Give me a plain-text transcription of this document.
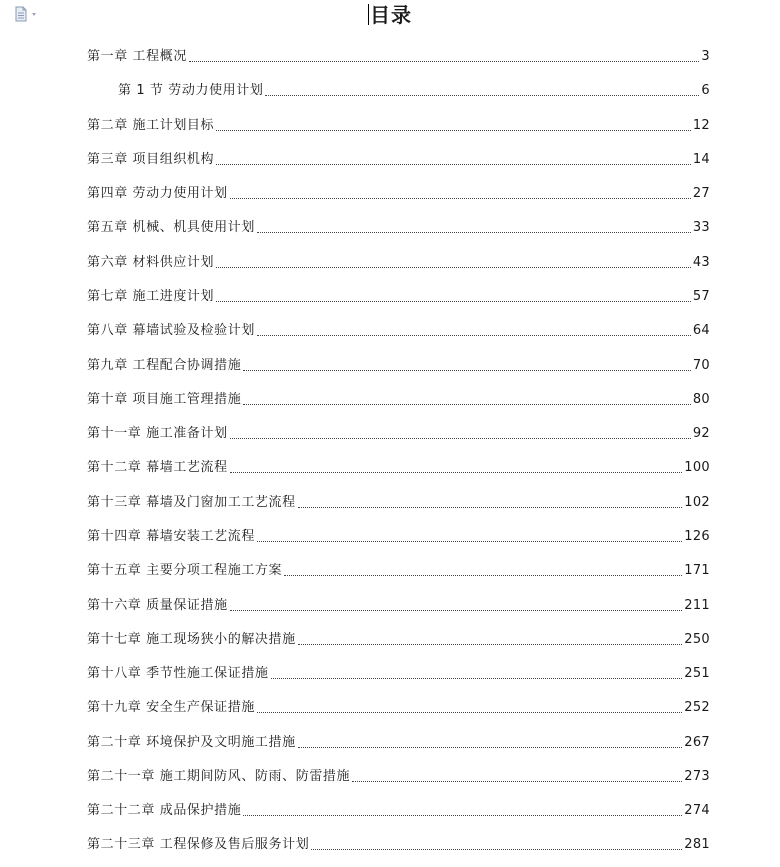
目录
第一章 工程概况	3
第 1 节 劳动力使用计划	6
第二章 施工计划目标	12
第三章 项目组织机构	14
第四章 劳动力使用计划	27
第五章 机械、机具使用计划	33
第六章 材料供应计划	43
第七章 施工进度计划	57
第八章 幕墙试验及检验计划	64
第九章 工程配合协调措施	70
第十章 项目施工管理措施	80
第十一章 施工准备计划	92
第十二章 幕墙工艺流程	100
第十三章 幕墙及门窗加工工艺流程	102
第十四章 幕墙安装工艺流程	126
第十五章 主要分项工程施工方案	171
第十六章 质量保证措施	211
第十七章 施工现场狭小的解决措施	250
第十八章 季节性施工保证措施	251
第十九章 安全生产保证措施	252
第二十章 环境保护及文明施工措施	267
第二十一章 施工期间防风、防雨、防雷措施	273
第二十二章 成品保护措施	274
第二十三章 工程保修及售后服务计划	281
